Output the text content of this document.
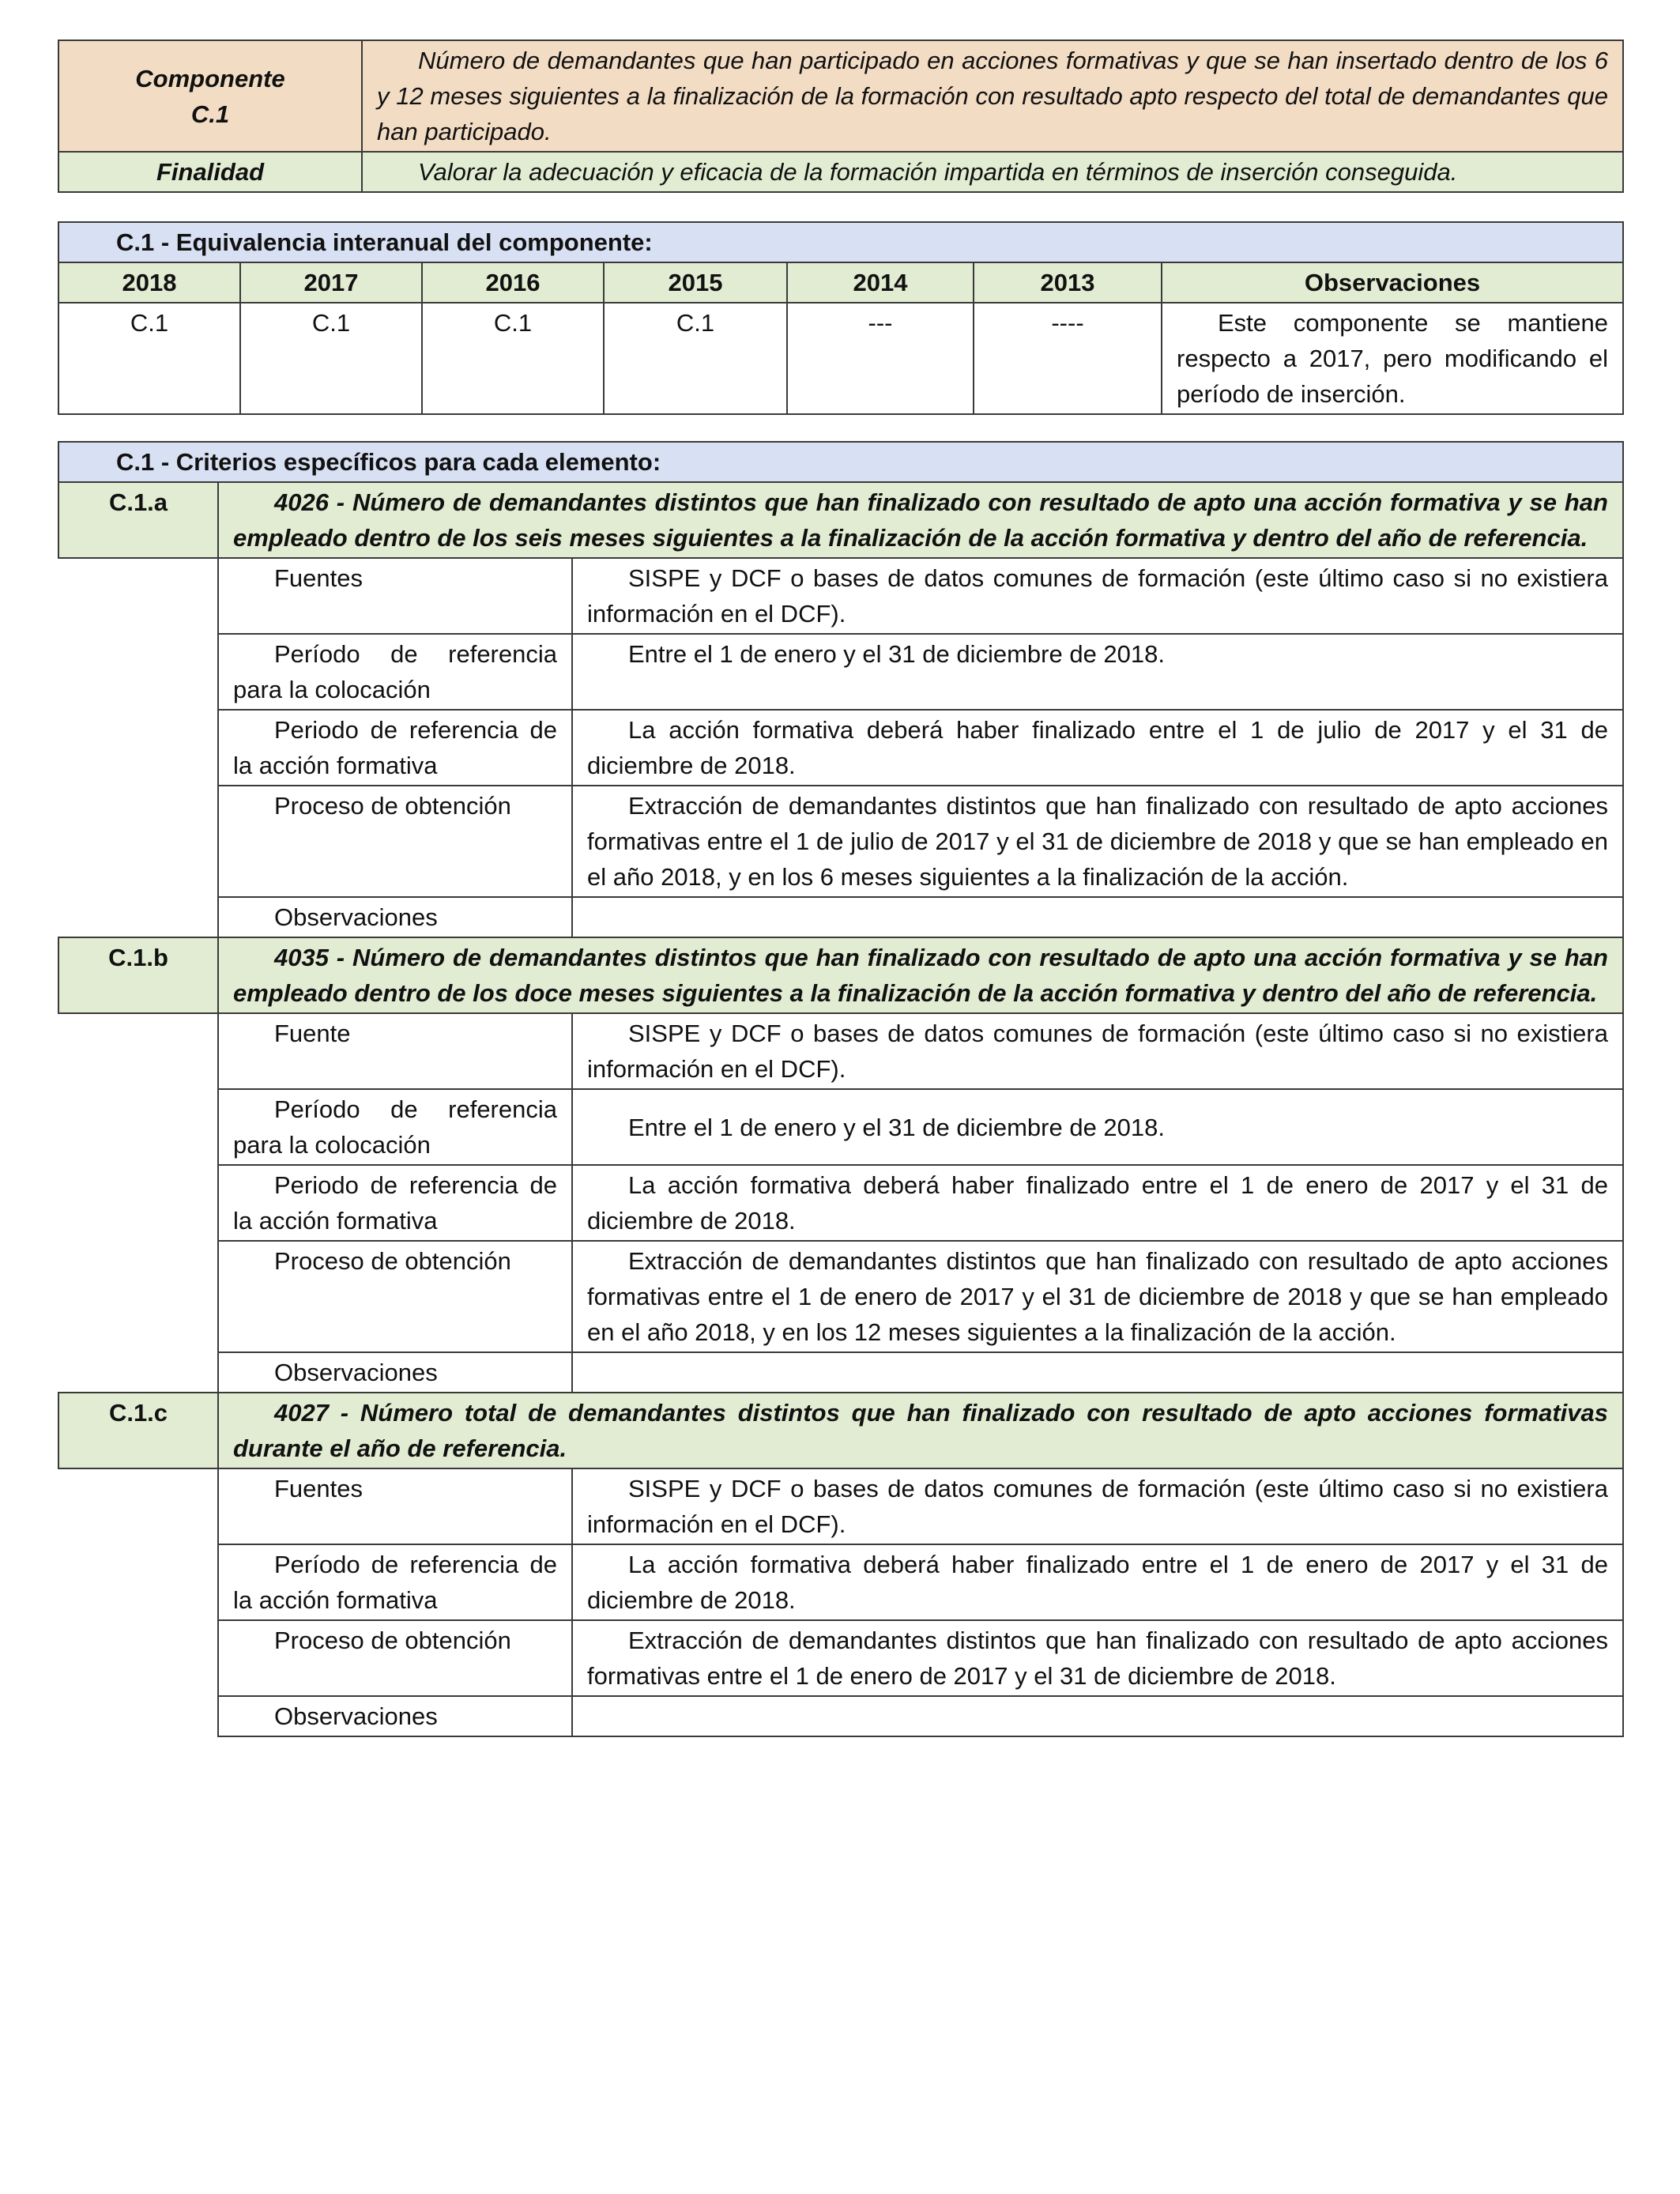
Componente
C.1	Número de demandantes que han participado en acciones formativas y que se han insertado dentro de los 6 y 12 meses siguientes a la finalización de la formación con resultado apto respecto del total de demandantes que han participado.
Finalidad	Valorar la adecuación y eficacia de la formación impartida en términos de inserción conseguida.
C.1 - Equivalencia interanual del componente:						
2018	2017	2016	2015	2014	2013	Observaciones
C.1	C.1	C.1	C.1	---	----	Este componente se mantiene respecto a 2017, pero modificando el período de inserción.
C.1 - Criterios específicos para cada elemento:		
C.1.a	4026 - Número de demandantes distintos que han finalizado con resultado de apto una acción formativa y se han empleado dentro de los seis meses siguientes a la finalización de la acción formativa y dentro del año de referencia.	
	Fuentes	SISPE y DCF o bases de datos comunes de formación (este último caso si no existiera información en el DCF).
	Período de referencia para la colocación	Entre el 1 de enero y el 31 de diciembre de 2018.
	Periodo de referencia de la acción formativa	La acción formativa deberá haber finalizado entre el 1 de julio de 2017 y el 31 de diciembre de 2018.
	Proceso de obtención	Extracción de demandantes distintos que han finalizado con resultado de apto acciones formativas entre el 1 de julio de 2017 y el 31 de diciembre de 2018 y que se han empleado en el año 2018, y en los 6 meses siguientes a la finalización de la acción.
	Observaciones	
C.1.b	4035 - Número de demandantes distintos que han finalizado con resultado de apto una acción formativa y se han empleado dentro de los doce meses siguientes a la finalización de la acción formativa y dentro del año de referencia.	
	Fuente	SISPE y DCF o bases de datos comunes de formación (este último caso si no existiera información en el DCF).
	Período de referencia para la colocación	Entre el 1 de enero y el 31 de diciembre de 2018.
	Periodo de referencia de la acción formativa	La acción formativa deberá haber finalizado entre el 1 de enero de 2017 y el 31 de diciembre de 2018.
	Proceso de obtención	Extracción de demandantes distintos que han finalizado con resultado de apto acciones formativas entre el 1 de enero de 2017 y el 31 de diciembre de 2018 y que se han empleado en el año 2018, y en los 12 meses siguientes a la finalización de la acción.
	Observaciones	
C.1.c	4027 - Número total de demandantes distintos que han finalizado con resultado de apto acciones formativas durante el año de referencia.	
	Fuentes	SISPE y DCF o bases de datos comunes de formación (este último caso si no existiera información en el DCF).
	Período de referencia de la acción formativa	La acción formativa deberá haber finalizado entre el 1 de enero de 2017 y el 31 de diciembre de 2018.
	Proceso de obtención	Extracción de demandantes distintos que han finalizado con resultado de apto acciones formativas entre el 1 de enero de 2017 y el 31 de diciembre de 2018.
	Observaciones	
